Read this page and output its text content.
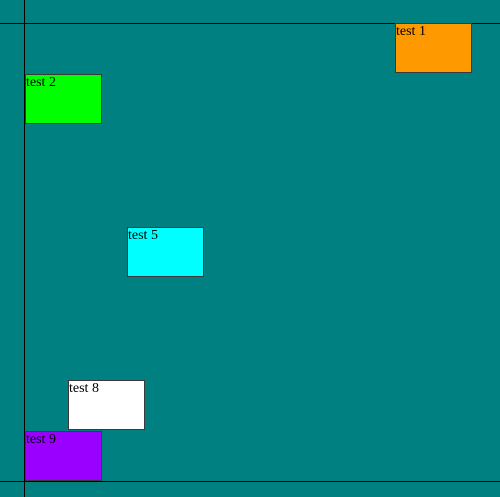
test 1
test 2
test 5
test 8
test 9
